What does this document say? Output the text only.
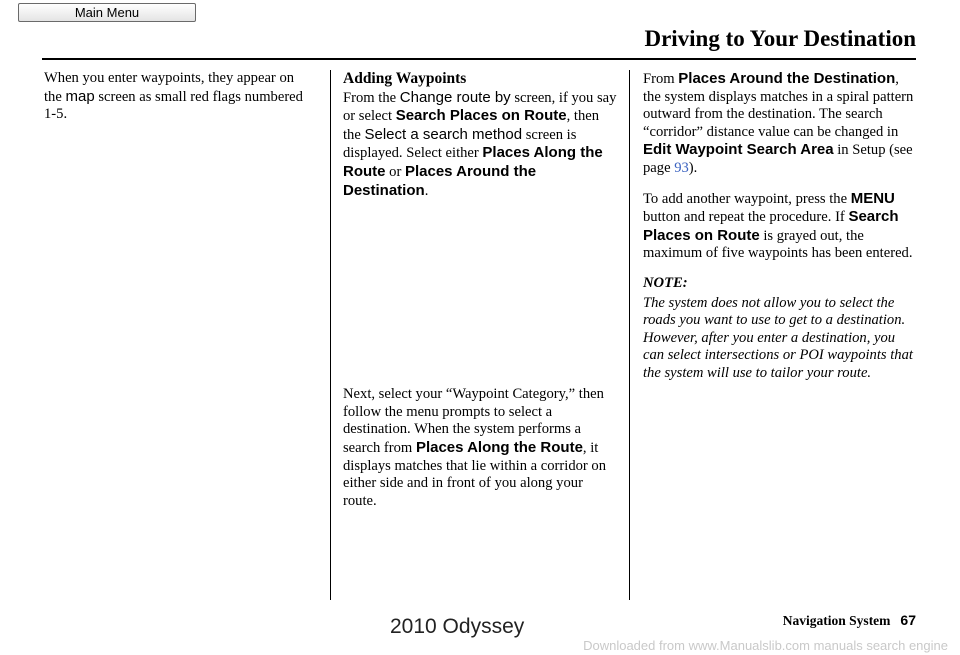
Main Menu
Driving to Your Destination

When you enter waypoints, they appear on the map screen as small red flags numbered 1-5.

Adding Waypoints

From the Change route by screen, if you say or select Search Places on Route, then the Select a search method screen is displayed. Select either Places Along the Route or Places Around the Destination.

Next, select your “Waypoint Category,” then follow the menu prompts to select a destination. When the system performs a search from Places Along the Route, it displays matches that lie within a corridor on either side and in front of you along your route.

From Places Around the Destination, the system displays matches in a spiral pattern outward from the destination. The search “corridor” distance value can be changed in Edit Waypoint Search Area in Setup (see page 93).

To add another waypoint, press the MENU button and repeat the procedure. If Search Places on Route is grayed out, the maximum of five waypoints has been entered.

NOTE:

The system does not allow you to select the roads you want to use to get to a destination. However, after you enter a destination, you can select intersections or POI waypoints that the system will use to tailor your route.

Navigation System 67
2010 Odyssey
Downloaded from www.Manualslib.com manuals search engine
